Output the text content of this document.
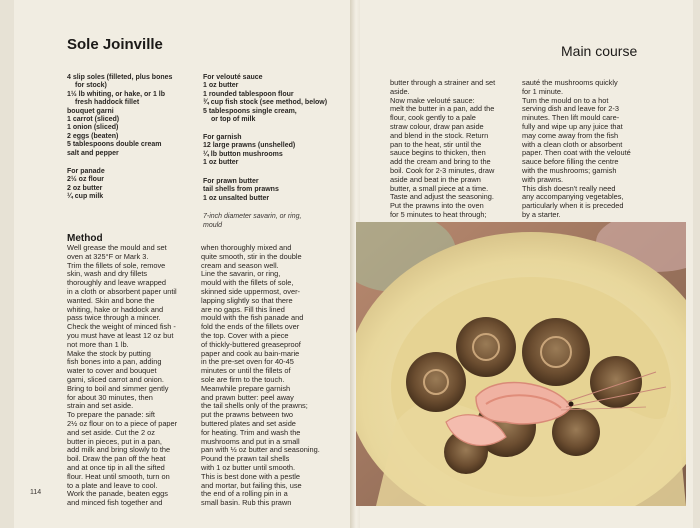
Sole Joinville
4 slip soles (filleted, plus bones
for stock)
1½ lb whiting, or hake, or 1 lb
fresh haddock fillet
bouquet garni
1 carrot (sliced)
1 onion (sliced)
2 eggs (beaten)
5 tablespoons double cream
salt and pepper
For panade
2½ oz flour
2 oz butter
¼ cup milk
For velouté sauce
1 oz butter
1 rounded tablespoon flour
¾ cup fish stock (see method, below)
5 tablespoons single cream,
or top of milk
For garnish
12 large prawns (unshelled)
¼ lb button mushrooms
1 oz butter
For prawn butter
tail shells from prawns
1 oz unsalted butter
7-inch diameter savarin, or ring,
mould
Method
Well grease the mould and set
oven at 325°F or Mark 3.
Trim the fillets of sole, remove
skin, wash and dry fillets
thoroughly and leave wrapped
in a cloth or absorbent paper until
wanted. Skin and bone the
whiting, hake or haddock and
pass twice through a mincer.
Check the weight of minced fish -
you must have at least 12 oz but
not more than 1 lb.
Make the stock by putting
fish bones into a pan, adding
water to cover and bouquet
garni, sliced carrot and onion.
Bring to boil and simmer gently
for about 30 minutes, then
strain and set aside.
To prepare the panade: sift
2½ oz flour on to a piece of paper
and set aside. Cut the 2 oz
butter in pieces, put in a pan,
add milk and bring slowly to the
boil. Draw the pan off the heat
and at once tip in all the sifted
flour. Heat until smooth, turn on
to a plate and leave to cool.
Work the panade, beaten eggs
and minced fish together and
when thoroughly mixed and
quite smooth, stir in the double
cream and season well.
Line the savarin, or ring,
mould with the fillets of sole,
skinned side uppermost, over-
lapping slightly so that there
are no gaps. Fill this lined
mould with the fish panade and
fold the ends of the fillets over
the top. Cover with a piece
of thickly-buttered greaseproof
paper and cook au bain-marie
in the pre-set oven for 40-45
minutes or until the fillets of
sole are firm to the touch.
Meanwhile prepare garnish
and prawn butter: peel away
the tail shells only of the prawns;
put the prawns between two
buttered plates and set aside
for heating. Trim and wash the
mushrooms and put in a small
pan with ½ oz butter and seasoning.
Pound the prawn tail shells
with 1 oz butter until smooth.
This is best done with a pestle
and mortar, but failing this, use
the end of a rolling pin in a
small basin. Rub this prawn
114
Main course
butter through a strainer and set
aside.
Now make velouté sauce:
melt the butter in a pan, add the
flour, cook gently to a pale
straw colour, draw pan aside
and blend in the stock. Return
pan to the heat, stir until the
sauce begins to thicken, then
add the cream and bring to the
boil. Cook for 2-3 minutes, draw
aside and beat in the prawn
butter, a small piece at a time.
Taste and adjust the seasoning.
Put the prawns into the oven
for 5 minutes to heat through;
sauté the mushrooms quickly
for 1 minute.
Turn the mould on to a hot
serving dish and leave for 2-3
minutes. Then lift mould care-
fully and wipe up any juice that
may come away from the fish
with a clean cloth or absorbent
paper. Then coat with the velouté
sauce before filling the centre
with the mushrooms; garnish
with prawns.
This dish doesn't really need
any accompanying vegetables,
particularly when it is preceded
by a starter.
